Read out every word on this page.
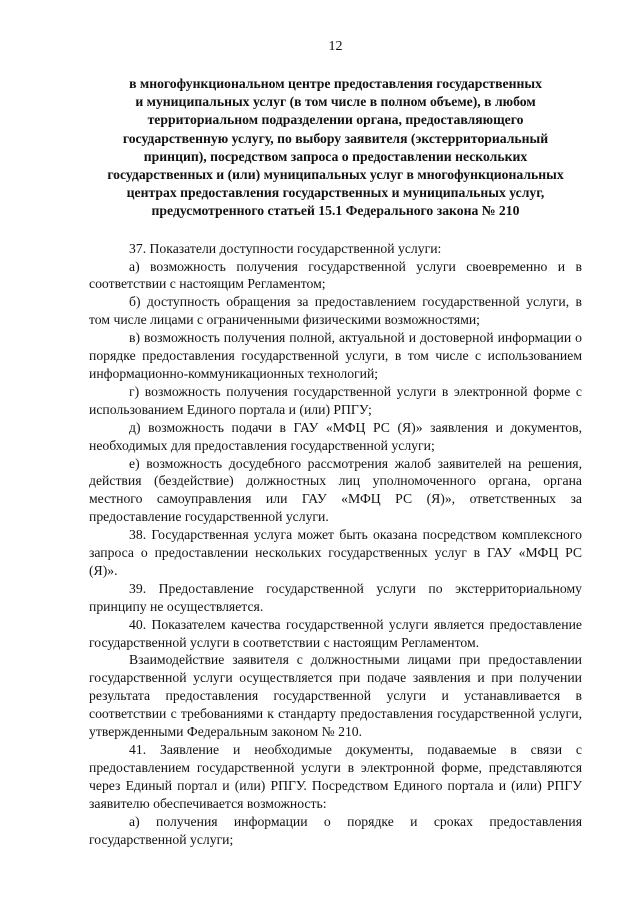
12
в многофункциональном центре предоставления государственных
и муниципальных услуг (в том числе в полном объеме), в любом
территориальном подразделении органа, предоставляющего
государственную услугу, по выбору заявителя (экстерриториальный
принцип), посредством запроса о предоставлении нескольких
государственных и (или) муниципальных услуг в многофункциональных
центрах предоставления государственных и муниципальных услуг,
предусмотренного статьей 15.1 Федерального закона № 210

37. Показатели доступности государственной услуги:

а) возможность получения государственной услуги своевременно и в соответствии с настоящим Регламентом;

б) доступность обращения за предоставлением государственной услуги, в том числе лицами с ограниченными физическими возможностями;

в) возможность получения полной, актуальной и достоверной информации о порядке предоставления государственной услуги, в том числе с использованием информационно-коммуникационных технологий;

г) возможность получения государственной услуги в электронной форме с использованием Единого портала и (или) РПГУ;

д) возможность подачи в ГАУ «МФЦ РС (Я)» заявления и документов, необходимых для предоставления государственной услуги;

е) возможность досудебного рассмотрения жалоб заявителей на решения, действия (бездействие) должностных лиц уполномоченного органа, органа местного самоуправления или ГАУ «МФЦ РС (Я)», ответственных за предоставление государственной услуги.

38. Государственная услуга может быть оказана посредством комплексного запроса о предоставлении нескольких государственных услуг в ГАУ «МФЦ РС (Я)».

39. Предоставление государственной услуги по экстерриториальному принципу не осуществляется.

40. Показателем качества государственной услуги является предоставление государственной услуги в соответствии с настоящим Регламентом.

Взаимодействие заявителя с должностными лицами при предоставлении государственной услуги осуществляется при подаче заявления и при получении результата предоставления государственной услуги и устанавливается в соответствии с требованиями к стандарту предоставления государственной услуги, утвержденными Федеральным законом № 210.

41. Заявление и необходимые документы, подаваемые в связи с предоставлением государственной услуги в электронной форме, представляются через Единый портал и (или) РПГУ. Посредством Единого портала и (или) РПГУ заявителю обеспечивается возможность:

а) получения информации о порядке и сроках предоставления государственной услуги;
